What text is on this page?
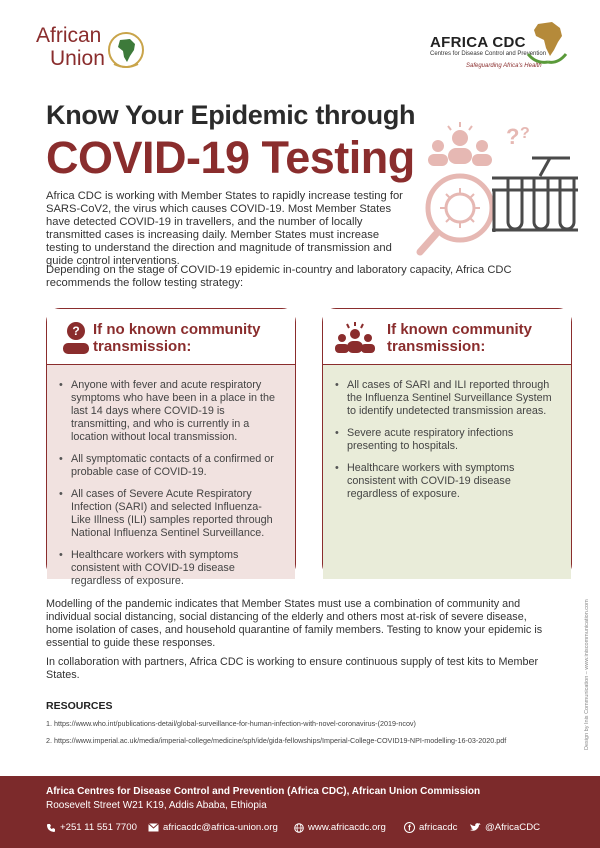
African
Union
AFRICA CDC
Centres for Disease Control and Prevention
Safeguarding Africa's Health
Know Your Epidemic through
COVID-19 Testing	? ?

Africa CDC is working with Member States to rapidly increase testing for SARS-CoV2, the virus which causes COVID-19. Most Member States have detected COVID-19 in travellers, and the number of locally transmitted cases is increasing daily. Member States must increase testing to understand the direction and magnitude of transmission and guide control interventions.

Depending on the stage of COVID-19 epidemic in-country and laboratory capacity, Africa CDC recommends the follow testing strategy:

? If no known community transmission:
• Anyone with fever and acute respiratory symptoms who have been in a place in the last 14 days where COVID-19 is transmitting, and who is currently in a location without local transmission.
• All symptomatic contacts of a confirmed or probable case of COVID-19.
• All cases of Severe Acute Respiratory Infection (SARI) and selected Influenza-Like Illness (ILI) samples reported through National Influenza Sentinel Surveillance.
• Healthcare workers with symptoms consistent with COVID-19 disease regardless of exposure.
If known community transmission:
• All cases of SARI and ILI reported through the Influenza Sentinel Surveillance System to identify undetected transmission areas.
• Severe acute respiratory infections presenting to hospitals.
• Healthcare workers with symptoms consistent with COVID-19 disease regardless of exposure.

Modelling of the pandemic indicates that Member States must use a combination of community and individual social distancing, social distancing of the elderly and others most at-risk of severe disease, home isolation of cases, and household quarantine of family members. Testing to know your epidemic is essential to guide these responses.

In collaboration with partners, Africa CDC is working to ensure continuous supply of test kits to Member States.

RESOURCES
1. https://www.who.int/publications-detail/global-surveillance-for-human-infection-with-novel-coronavirus-(2019-ncov)
2. https://www.imperial.ac.uk/media/imperial-college/medicine/sph/ide/gida-fellowships/Imperial-College-COVID19-NPI-modelling-16-03-2020.pdf	Design by Inis Communication – www.iniscommunication.com
Africa Centres for Disease Control and Prevention (Africa CDC), African Union Commission
Roosevelt Street W21 K19, Addis Ababa, Ethiopia
+251 11 551 7700	africacdc@africa-union.org	www.africacdc.org	f africacdc	@AfricaCDC
